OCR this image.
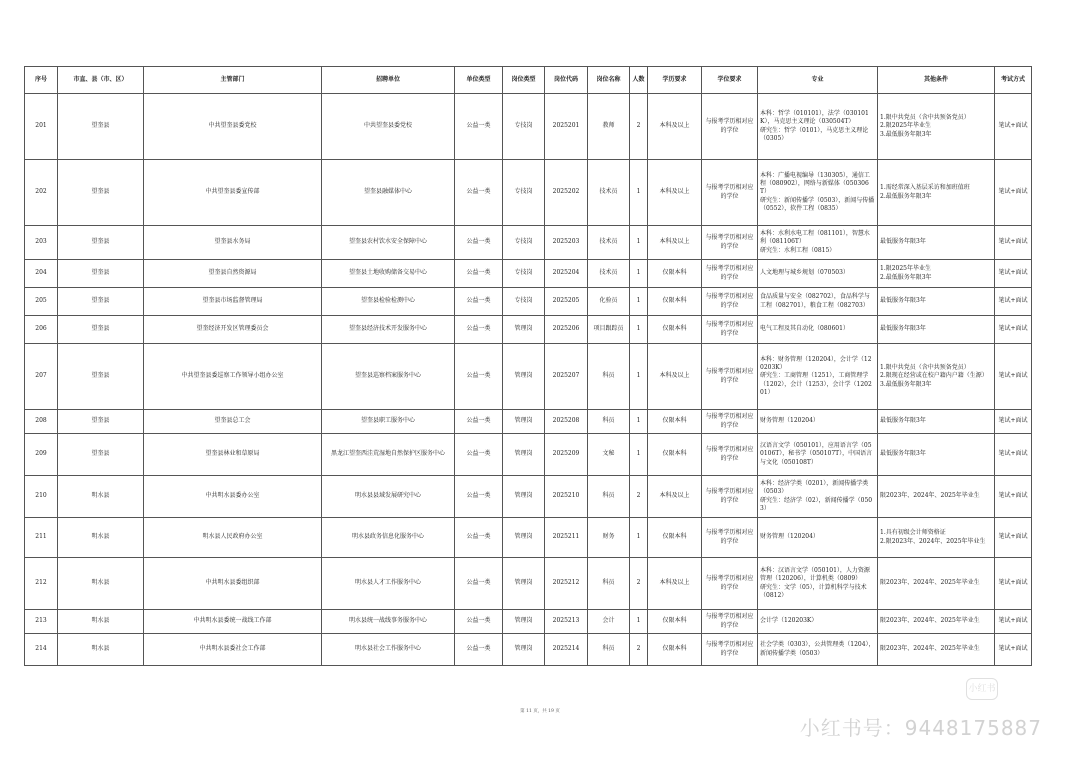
序号	市直、县（市、区）	主管部门	招聘单位	单位类型	岗位类型	岗位代码	岗位名称	人数	学历要求	学位要求	专业	其他条件	考试方式
201	望奎县	中共望奎县委党校	中共望奎县委党校	公益一类	专技岗	2025201	教师	2	本科及以上	与报考学历相对应的学位	本科：哲学（010101），法学（030101K），马克思主义理论（030504T）
研究生：哲学（0101），马克思主义理论（0305）	1.限中共党员（含中共预备党员）
2.限2025年毕业生
3.最低服务年限3年	笔试+面试
202	望奎县	中共望奎县委宣传部	望奎县融媒体中心	公益一类	专技岗	2025202	技术员	1	本科及以上	与报考学历相对应的学位	本科：广播电视编导（130305），通信工程（080902），网络与新媒体（050306T）
研究生：新闻传播学（0503），新闻与传播（0552），软件工程（0835）	1.需经常深入基层采访和加班值班
2.最低服务年限3年	笔试+面试
203	望奎县	望奎县水务局	望奎县农村饮水安全保障中心	公益一类	专技岗	2025203	技术员	1	本科及以上	与报考学历相对应的学位	本科：水利水电工程（081101），智慧水利（081106T）
研究生：水利工程（0815）	最低服务年限3年	笔试+面试
204	望奎县	望奎县自然资源局	望奎县土地收购储备交易中心	公益一类	专技岗	2025204	技术员	1	仅限本科	与报考学历相对应的学位	人文地理与城乡规划（070503）	1.限2025年毕业生
2.最低服务年限3年	笔试+面试
205	望奎县	望奎县市场监督管理局	望奎县检验检测中心	公益一类	专技岗	2025205	化验员	1	仅限本科	与报考学历相对应的学位	食品质量与安全（082702），食品科学与工程（082701），粮食工程（082703）	最低服务年限3年	笔试+面试
206	望奎县	望奎经济开发区管理委员会	望奎县经济技术开发服务中心	公益一类	管理岗	2025206	项目跟踪员	1	仅限本科	与报考学历相对应的学位	电气工程及其自动化（080601）	最低服务年限3年	笔试+面试
207	望奎县	中共望奎县委巡察工作领导小组办公室	望奎县巡察档案服务中心	公益一类	管理岗	2025207	科员	1	本科及以上	与报考学历相对应的学位	本科：财务管理（120204），会计学（120203K）
研究生：工商管理（1251），工商管理学（1202），会计（1253），会计学（120201）	1.限中共党员（含中共预备党员）
2.限现在经营或在校户籍内户籍（生源）
3.最低服务年限3年	笔试+面试
208	望奎县	望奎县总工会	望奎县职工服务中心	公益一类	管理岗	2025208	科员	1	仅限本科	与报考学历相对应的学位	财务管理（120204）	最低服务年限3年	笔试+面试
209	望奎县	望奎县林业和草原局	黑龙江望奎西洼荒湿地自然保护区服务中心	公益一类	管理岗	2025209	文秘	1	仅限本科	与报考学历相对应的学位	汉语言文学（050101），应用语言学（050106T），秘书学（050107T），中国语言与文化（050108T）	最低服务年限3年	笔试+面试
210	明水县	中共明水县委办公室	明水县县域发展研究中心	公益一类	管理岗	2025210	科员	2	本科及以上	与报考学历相对应的学位	本科：经济学类（0201），新闻传播学类（0503）
研究生：经济学（02），新闻传播学（0503）	限2023年、2024年、2025年毕业生	笔试+面试
211	明水县	明水县人民政府办公室	明水县政务信息化服务中心	公益一类	管理岗	2025211	财务	1	仅限本科	与报考学历相对应的学位	财务管理（120204）	1.具有初级会计师资格证
2.限2023年、2024年、2025年毕业生	笔试+面试
212	明水县	中共明水县委组织部	明水县人才工作服务中心	公益一类	管理岗	2025212	科员	2	本科及以上	与报考学历相对应的学位	本科：汉语言文学（050101），人力资源管理（120206），计算机类（0809）
研究生：文学（05），计算机科学与技术（0812）	限2023年、2024年、2025年毕业生	笔试+面试
213	明水县	中共明水县委统一战线工作部	明水县统一战线事务服务中心	公益一类	管理岗	2025213	会计	1	仅限本科	与报考学历相对应的学位	会计学（120203K）	限2023年、2024年、2025年毕业生	笔试+面试
214	明水县	中共明水县委社会工作部	明水县社会工作服务中心	公益一类	管理岗	2025214	科员	2	仅限本科	与报考学历相对应的学位	社会学类（0303），公共管理类（1204），新闻传播学类（0503）	限2023年、2024年、2025年毕业生	笔试+面试
第 11 页，共 19 页
小红书
小红书号：9448175887
